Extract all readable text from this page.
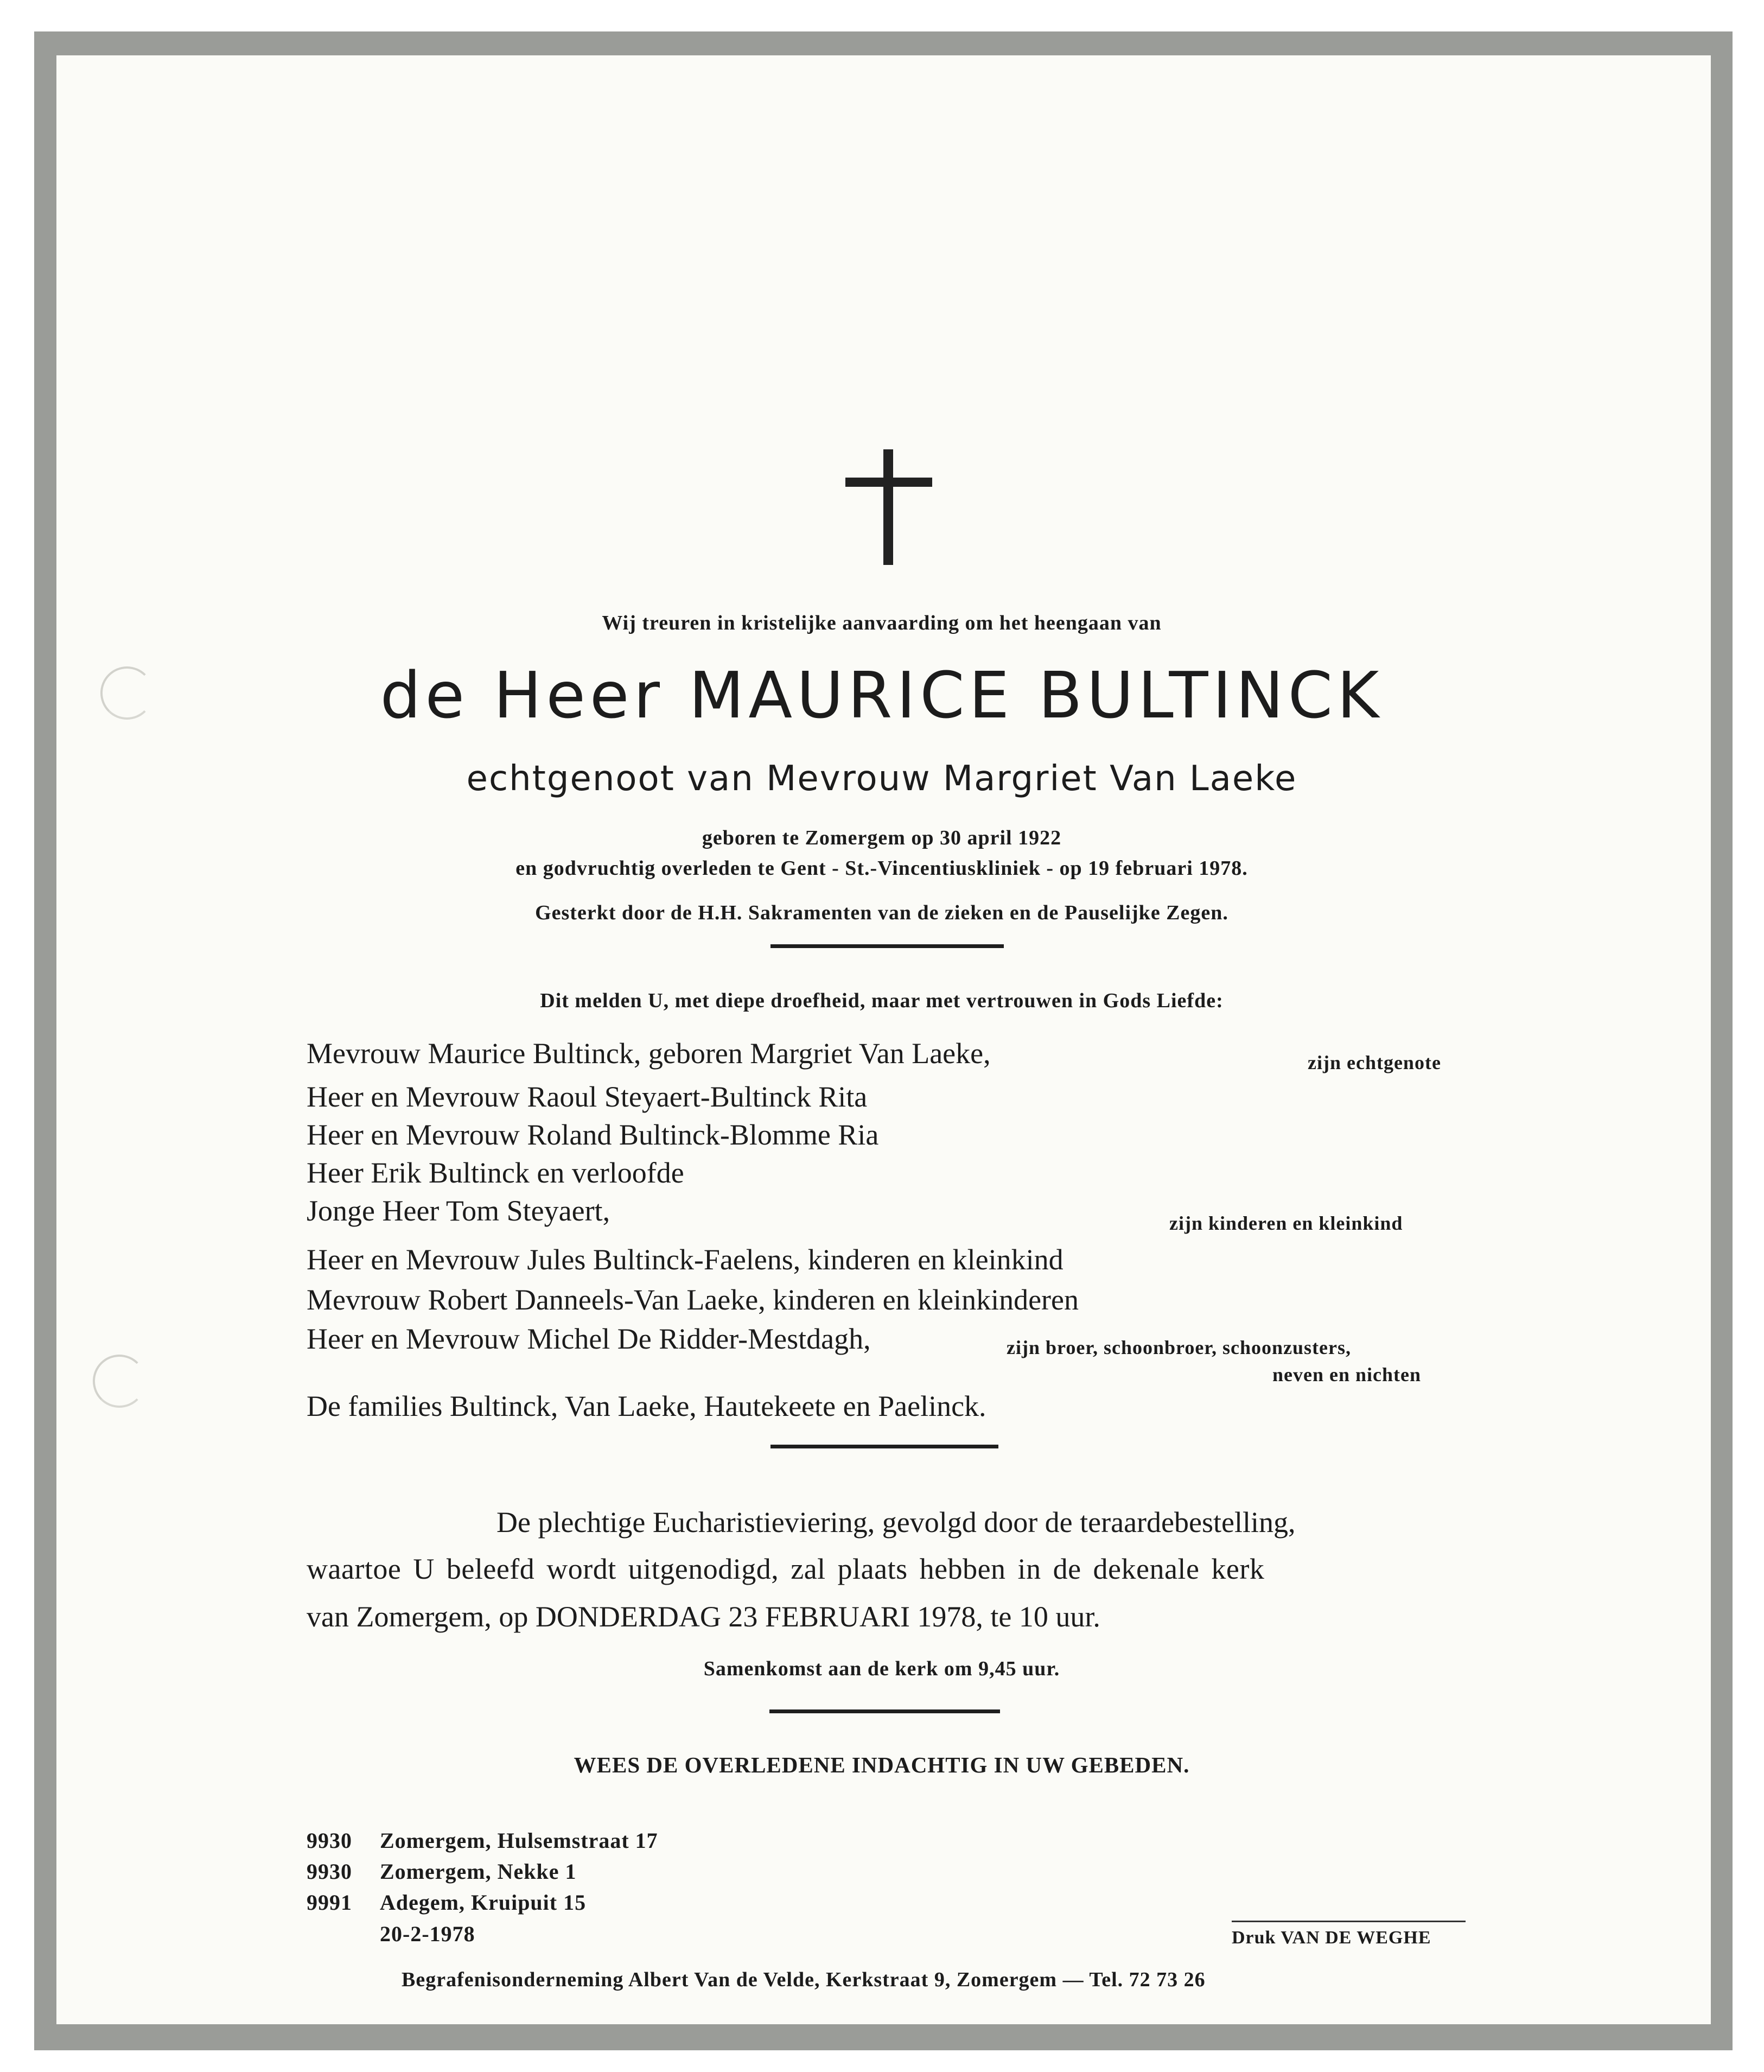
Wij treuren in kristelijke aanvaarding om het heengaan van
de Heer MAURICE BULTINCK
echtgenoot van Mevrouw Margriet Van Laeke
geboren te Zomergem op 30 april 1922
en godvruchtig overleden te Gent - St.-Vincentiuskliniek - op 19 februari 1978.
Gesterkt door de H.H. Sakramenten van de zieken en de Pauselijke Zegen.
Dit melden U, met diepe droefheid, maar met vertrouwen in Gods Liefde:
Mevrouw Maurice Bultinck, geboren Margriet Van Laeke,	zijn echtgenote
Heer en Mevrouw Raoul Steyaert-Bultinck Rita
Heer en Mevrouw Roland Bultinck-Blomme Ria
Heer Erik Bultinck en verloofde
Jonge Heer Tom Steyaert,	zijn kinderen en kleinkind
Heer en Mevrouw Jules Bultinck-Faelens, kinderen en kleinkind
Mevrouw Robert Danneels-Van Laeke, kinderen en kleinkinderen
Heer en Mevrouw Michel De Ridder-Mestdagh,	zijn broer, schoonbroer, schoonzusters,
neven en nichten
De families Bultinck, Van Laeke, Hautekeete en Paelinck.
De plechtige Eucharistieviering, gevolgd door de teraardebestelling,
waartoe U beleefd wordt uitgenodigd, zal plaats hebben in de dekenale kerk
van Zomergem, op DONDERDAG 23 FEBRUARI 1978, te 10 uur.
Samenkomst aan de kerk om 9,45 uur.
WEES DE OVERLEDENE INDACHTIG IN UW GEBEDEN.
9930 Zomergem, Hulsemstraat 17
9930 Zomergem, Nekke 1
9991 Adegem, Kruipuit 15
20-2-1978	Druk VAN DE WEGHE
Begrafenisonderneming Albert Van de Velde, Kerkstraat 9, Zomergem — Tel. 72 73 26
